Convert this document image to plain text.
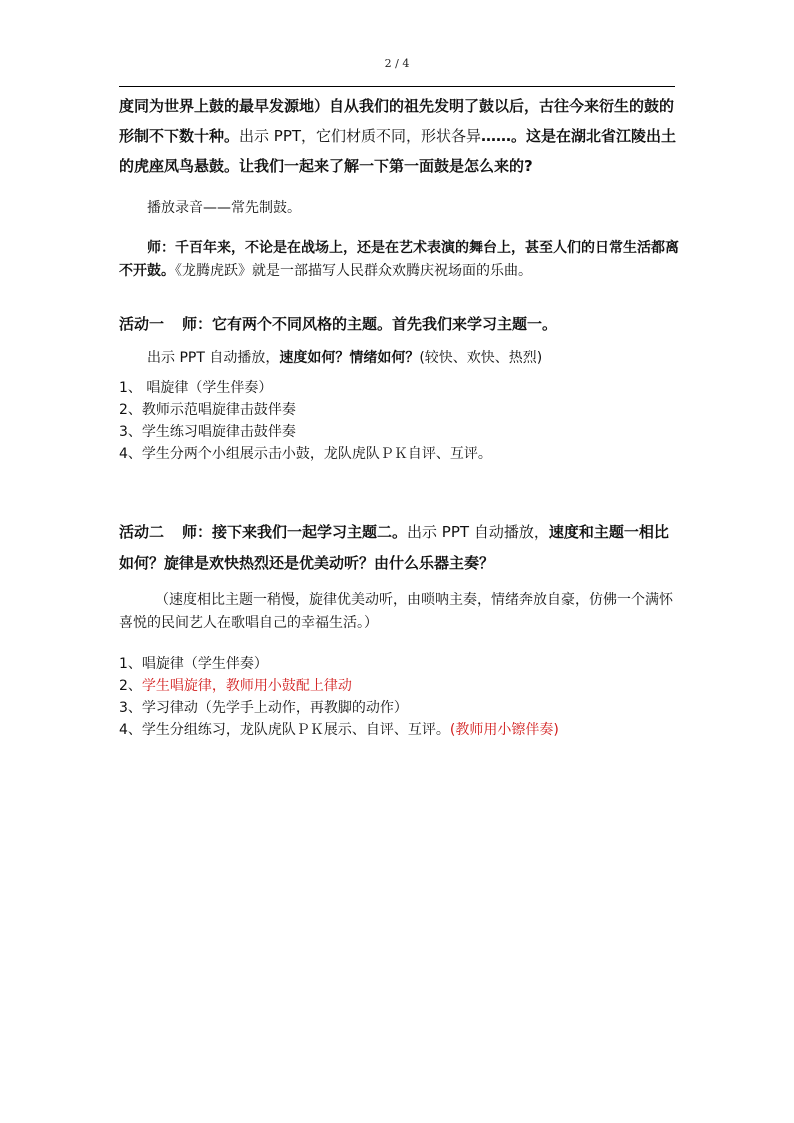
2 / 4

度同为世界上鼓的最早发源地）自从我们的祖先发明了鼓以后，古往今来衍生的鼓的形制不下数十种。出示 PPT，它们材质不同，形状各异……。这是在湖北省江陵出土的虎座凤鸟悬鼓。让我们一起来了解一下第一面鼓是怎么来的?

播放录音——常先制鼓。

师：千百年来，不论是在战场上，还是在艺术表演的舞台上，甚至人们的日常生活都离不开鼓。《龙腾虎跃》就是一部描写人民群众欢腾庆祝场面的乐曲。

活动一 师：它有两个不同风格的主题。首先我们来学习主题一。

出示 PPT 自动播放，速度如何？情绪如何？(较快、欢快、热烈)

1、 唱旋律（学生伴奏）
2、教师示范唱旋律击鼓伴奏
3、学生练习唱旋律击鼓伴奏
4、学生分两个小组展示击小鼓，龙队虎队ＰＫ自评、互评。

活动二 师：接下来我们一起学习主题二。出示 PPT 自动播放，速度和主题一相比如何？旋律是欢快热烈还是优美动听？由什么乐器主奏？

（速度相比主题一稍慢，旋律优美动听，由唢呐主奏，情绪奔放自豪，仿佛一个满怀喜悦的民间艺人在歌唱自己的幸福生活。）

1、唱旋律（学生伴奏）
2、学生唱旋律，教师用小鼓配上律动
3、学习律动（先学手上动作，再教脚的动作）
4、学生分组练习，龙队虎队ＰＫ展示、自评、互评。(教师用小镲伴奏)
